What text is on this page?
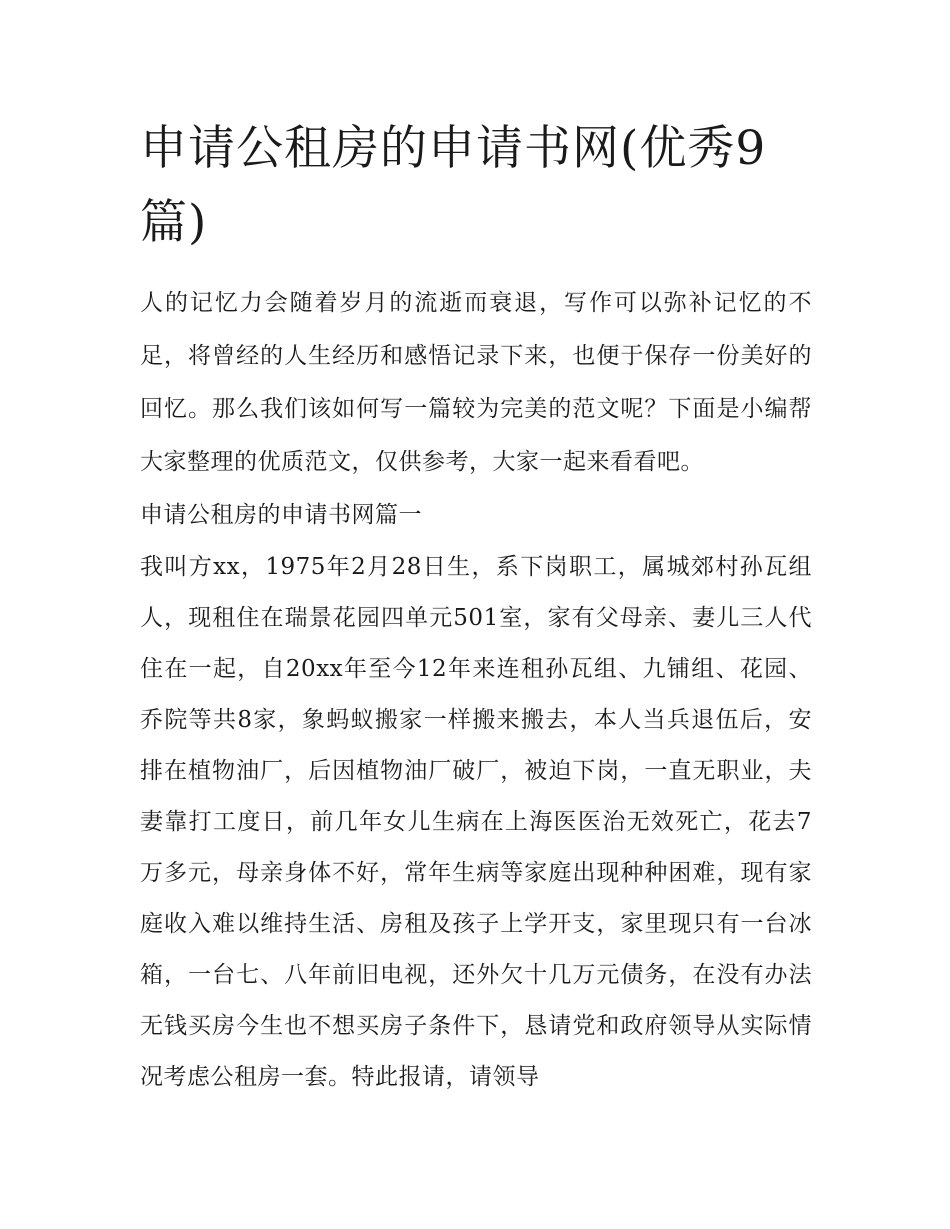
申请公租房的申请书网(优秀9篇)

人的记忆力会随着岁月的流逝而衰退，写作可以弥补记忆的不足，将曾经的人生经历和感悟记录下来，也便于保存一份美好的回忆。那么我们该如何写一篇较为完美的范文呢？下面是小编帮大家整理的优质范文，仅供参考，大家一起来看看吧。

申请公租房的申请书网篇一

我叫方xx，1975年2月28日生，系下岗职工，属城郊村孙瓦组人，现租住在瑞景花园四单元501室，家有父母亲、妻儿三人代住在一起，自20xx年至今12年来连租孙瓦组、九铺组、花园、乔院等共8家，象蚂蚁搬家一样搬来搬去，本人当兵退伍后，安排在植物油厂，后因植物油厂破厂，被迫下岗，一直无职业，夫妻靠打工度日，前几年女儿生病在上海医医治无效死亡，花去7万多元，母亲身体不好，常年生病等家庭出现种种困难，现有家庭收入难以维持生活、房租及孩子上学开支，家里现只有一台冰箱，一台七、八年前旧电视，还外欠十几万元债务，在没有办法无钱买房今生也不想买房子条件下，恳请党和政府领导从实际情况考虑公租房一套。特此报请，请领导
